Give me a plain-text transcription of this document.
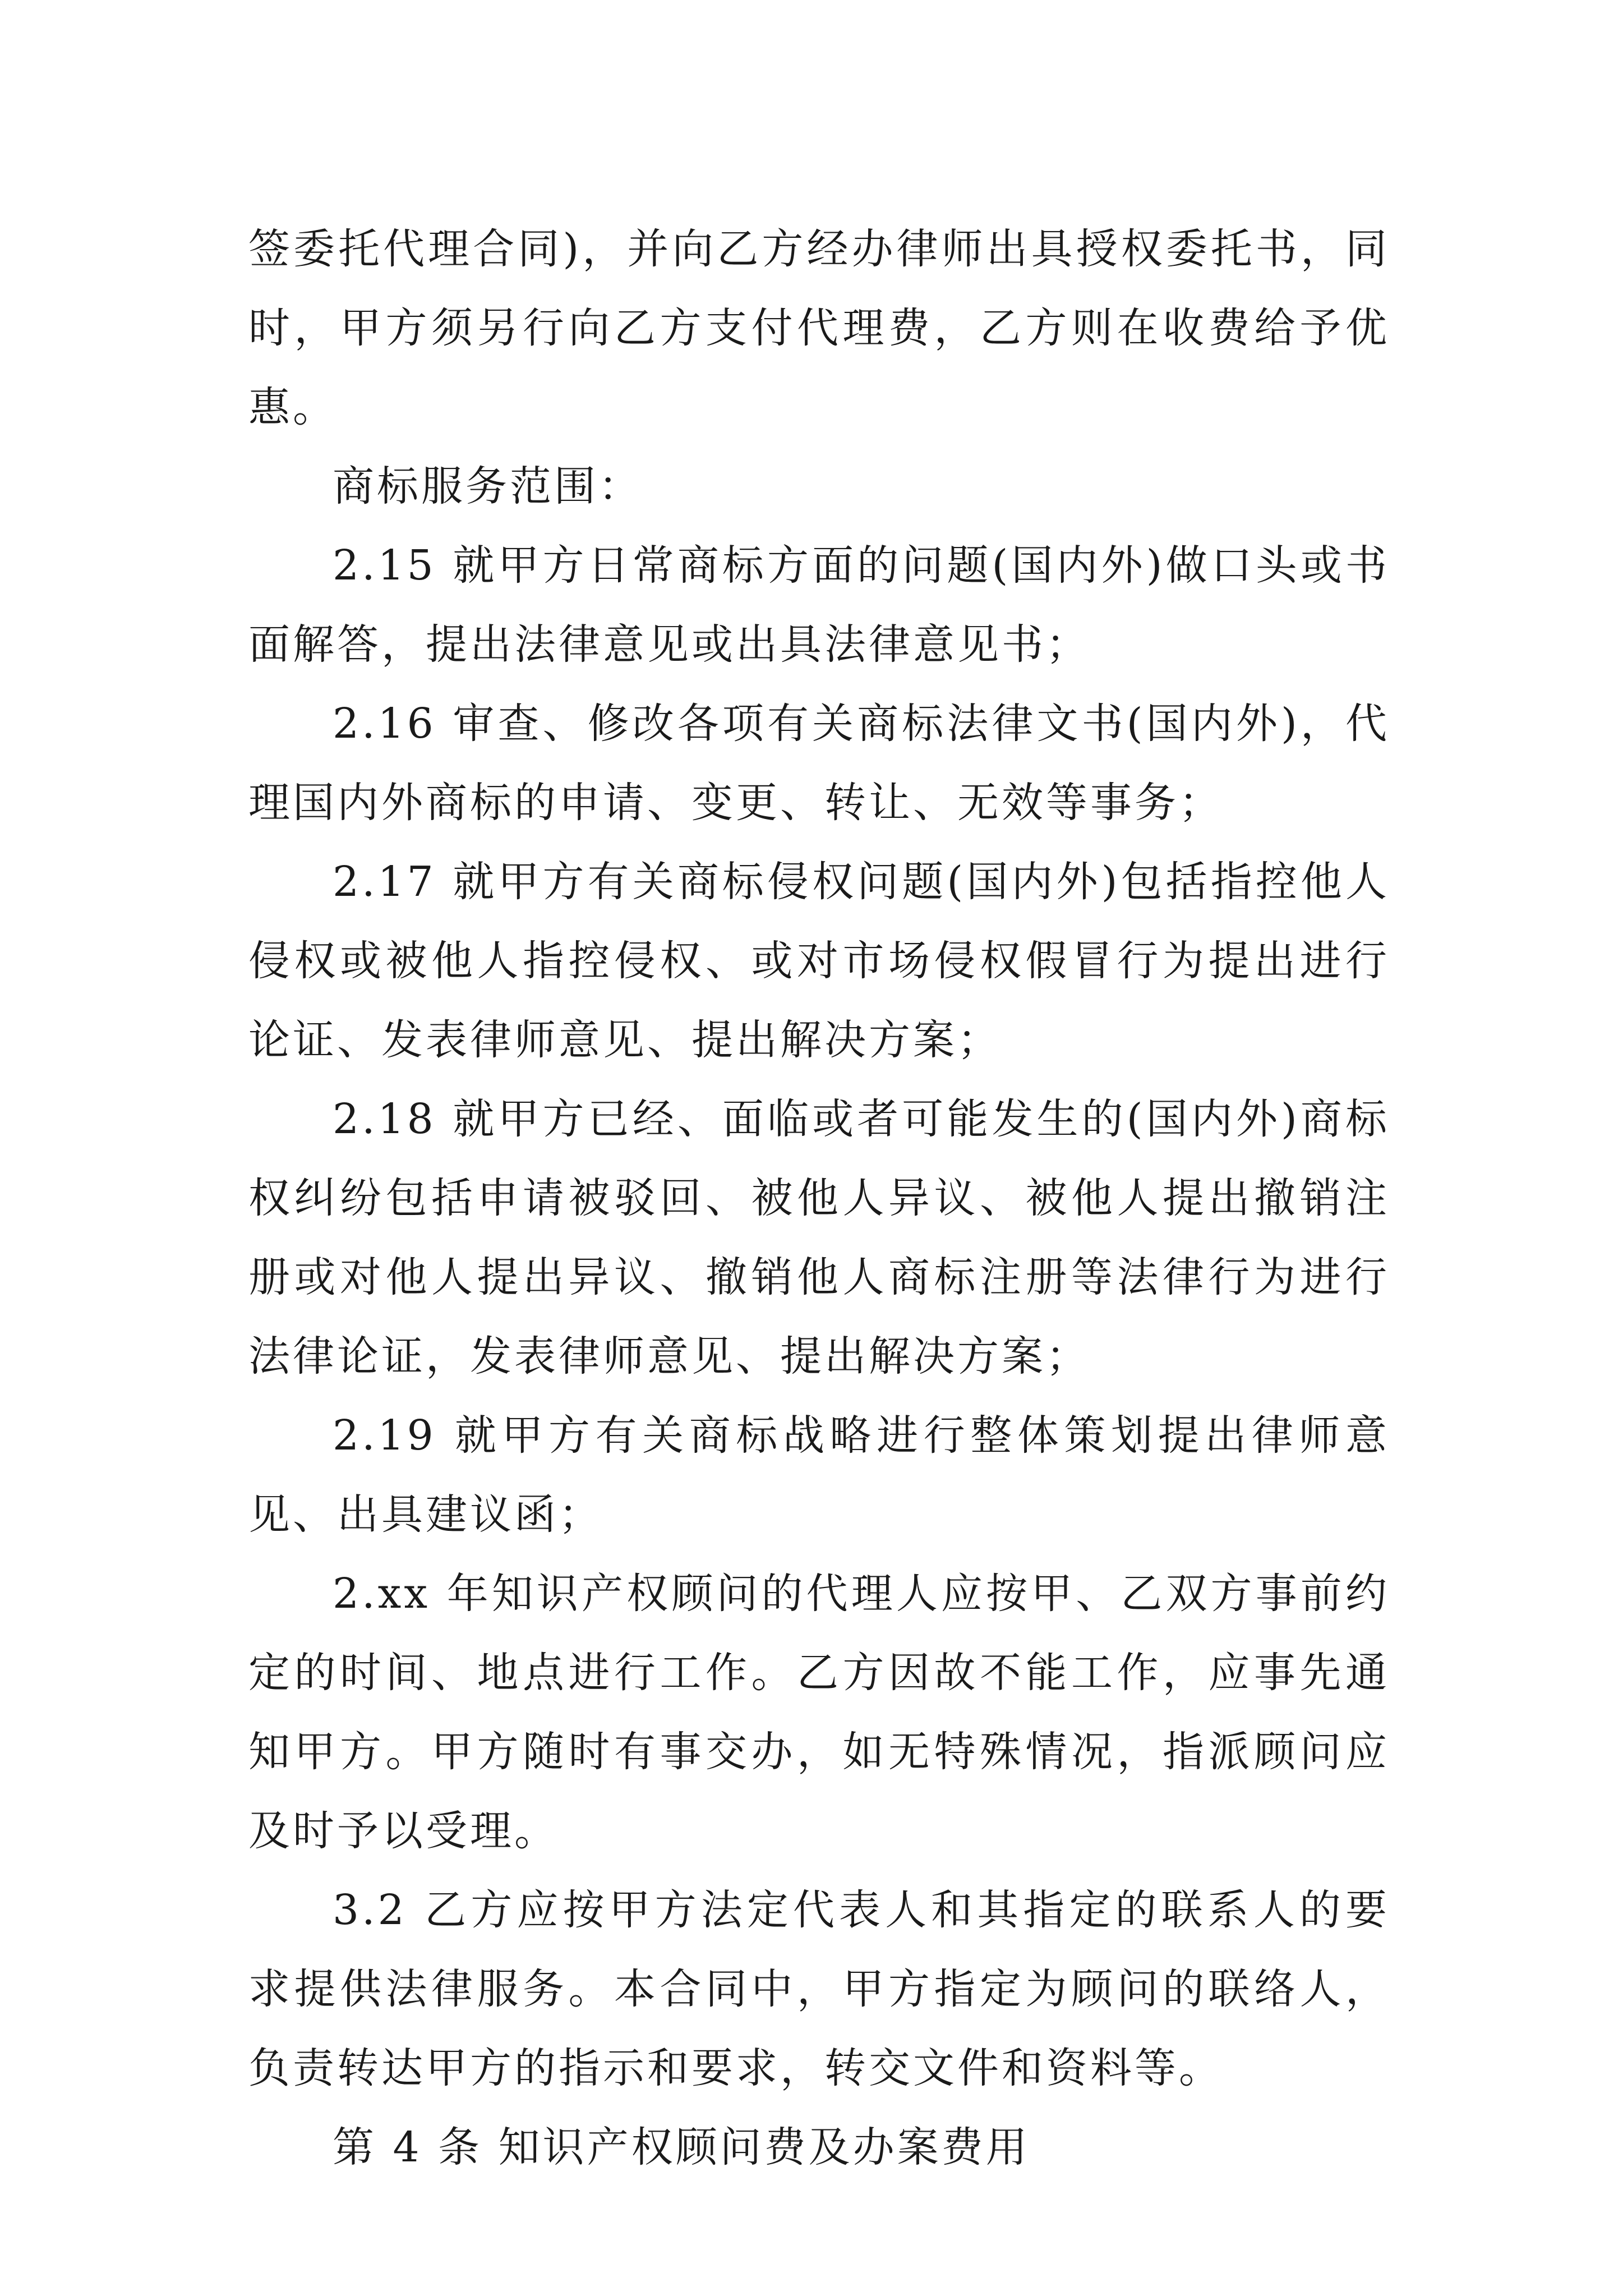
签委托代理合同)，并向乙方经办律师出具授权委托书，同时，甲方须另行向乙方支付代理费，乙方则在收费给予优惠。

商标服务范围：

2.15 就甲方日常商标方面的问题(国内外)做口头或书面解答，提出法律意见或出具法律意见书；

2.16 审查、修改各项有关商标法律文书(国内外)，代理国内外商标的申请、变更、转让、无效等事务；

2.17 就甲方有关商标侵权问题(国内外)包括指控他人侵权或被他人指控侵权、或对市场侵权假冒行为提出进行论证、发表律师意见、提出解决方案；

2.18 就甲方已经、面临或者可能发生的(国内外)商标权纠纷包括申请被驳回、被他人异议、被他人提出撤销注册或对他人提出异议、撤销他人商标注册等法律行为进行法律论证，发表律师意见、提出解决方案；

2.19 就甲方有关商标战略进行整体策划提出律师意见、出具建议函；

2.xx 年知识产权顾问的代理人应按甲、乙双方事前约定的时间、地点进行工作。乙方因故不能工作，应事先通知甲方。甲方随时有事交办，如无特殊情况，指派顾问应及时予以受理。

3.2 乙方应按甲方法定代表人和其指定的联系人的要求提供法律服务。本合同中，甲方指定为顾问的联络人，负责转达甲方的指示和要求，转交文件和资料等。

第 4 条 知识产权顾问费及办案费用
